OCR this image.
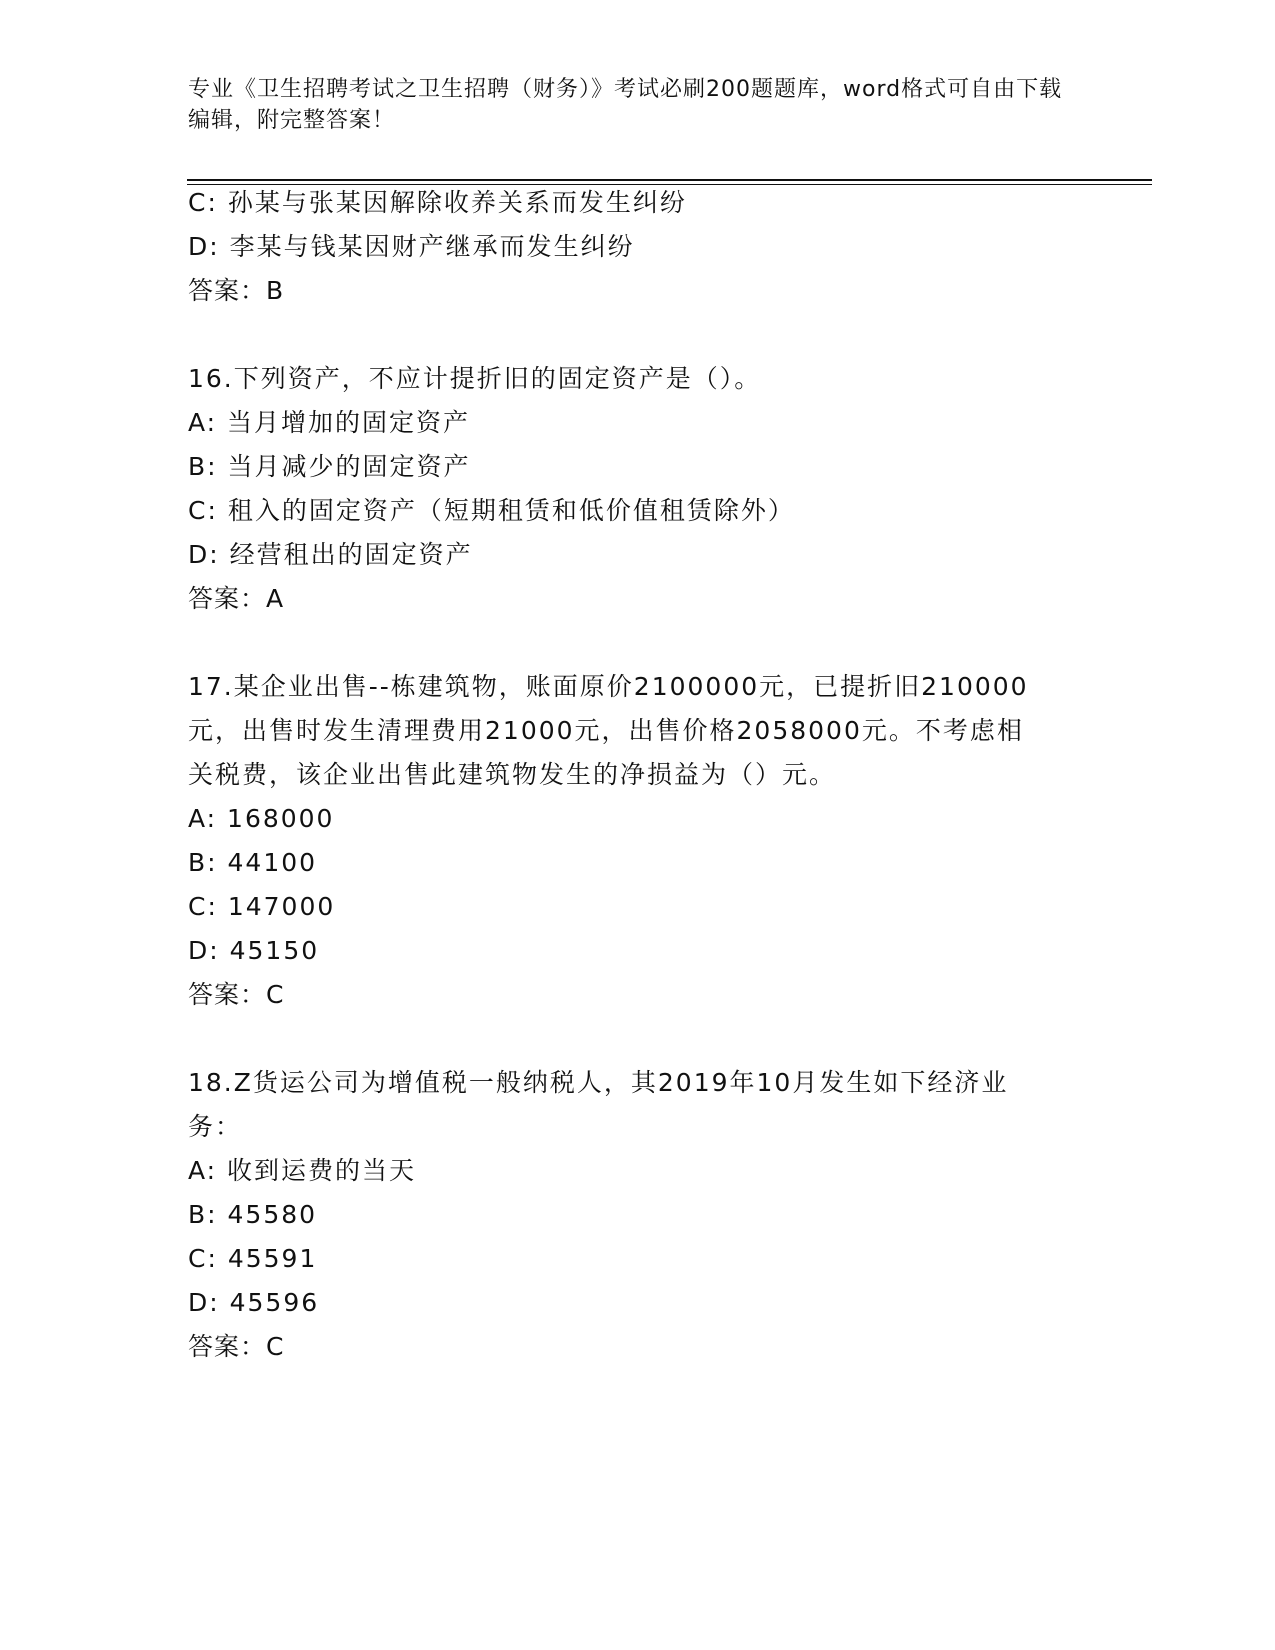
专业《卫生招聘考试之卫生招聘（财务）》考试必刷200题题库，word格式可自由下载编辑，附完整答案！
C: 孙某与张某因解除收养关系而发生纠纷
D: 李某与钱某因财产继承而发生纠纷
答案：B
16.下列资产，不应计提折旧的固定资产是（）。
A: 当月增加的固定资产
B: 当月减少的固定资产
C: 租入的固定资产（短期租赁和低价值租赁除外）
D: 经营租出的固定资产
答案：A
17.某企业出售--栋建筑物，账面原价2100000元，已提折旧210000
元，出售时发生清理费用21000元，出售价格2058000元。不考虑相
关税费，该企业出售此建筑物发生的净损益为（）元。
A: 168000
B: 44100
C: 147000
D: 45150
答案：C
18.Z货运公司为增值税一般纳税人，其2019年10月发生如下经济业
务：
A: 收到运费的当天
B: 45580
C: 45591
D: 45596
答案：C
